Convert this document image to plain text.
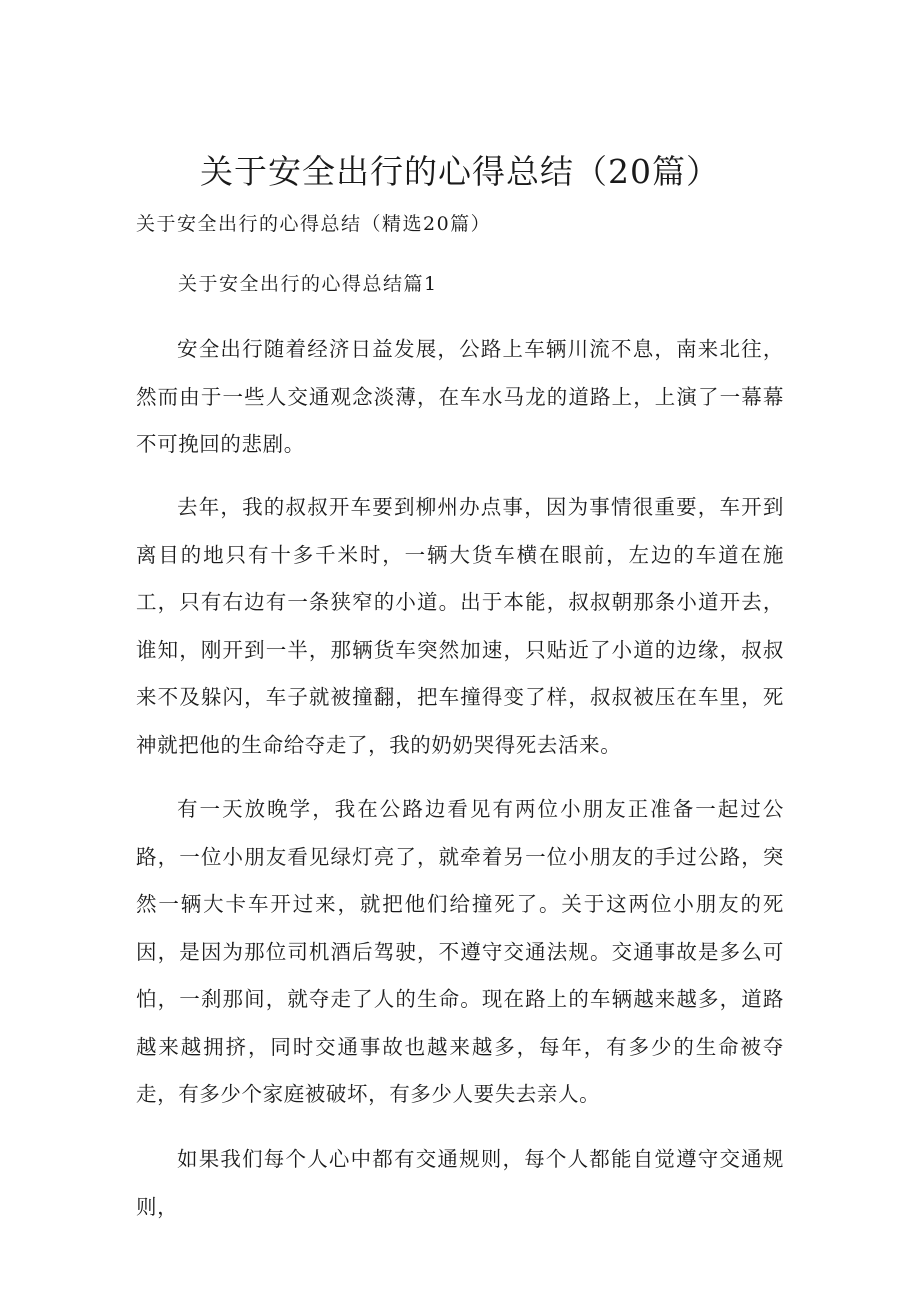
关于安全出行的心得总结（20篇）

关于安全出行的心得总结（精选20篇）

关于安全出行的心得总结篇1

安全出行随着经济日益发展，公路上车辆川流不息，南来北往，然而由于一些人交通观念淡薄，在车水马龙的道路上，上演了一幕幕不可挽回的悲剧。

去年，我的叔叔开车要到柳州办点事，因为事情很重要，车开到离目的地只有十多千米时，一辆大货车横在眼前，左边的车道在施工，只有右边有一条狭窄的小道。出于本能，叔叔朝那条小道开去，谁知，刚开到一半，那辆货车突然加速，只贴近了小道的边缘，叔叔来不及躲闪，车子就被撞翻，把车撞得变了样，叔叔被压在车里，死神就把他的生命给夺走了，我的奶奶哭得死去活来。

有一天放晚学，我在公路边看见有两位小朋友正准备一起过公路，一位小朋友看见绿灯亮了，就牵着另一位小朋友的手过公路，突然一辆大卡车开过来，就把他们给撞死了。关于这两位小朋友的死因，是因为那位司机酒后驾驶，不遵守交通法规。交通事故是多么可怕，一刹那间，就夺走了人的生命。现在路上的车辆越来越多，道路越来越拥挤，同时交通事故也越来越多，每年，有多少的生命被夺走，有多少个家庭被破坏，有多少人要失去亲人。

如果我们每个人心中都有交通规则，每个人都能自觉遵守交通规则，
